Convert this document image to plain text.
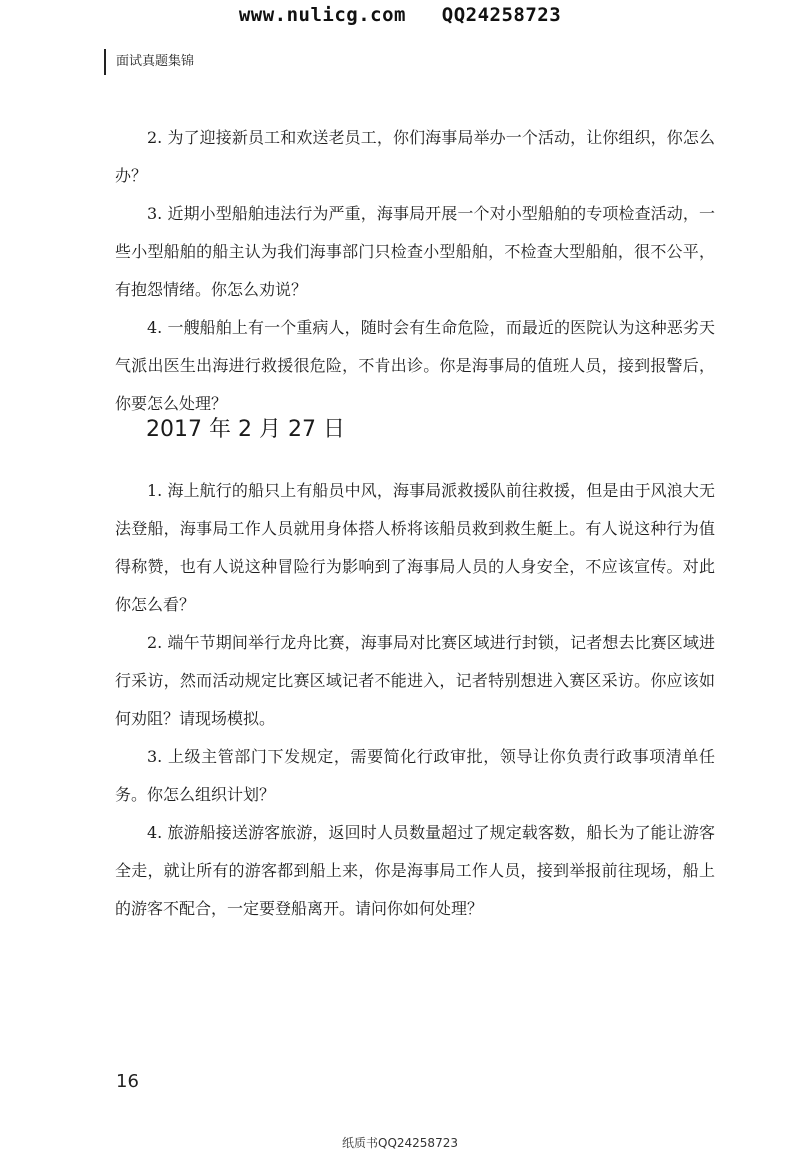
www.nulicg.com   QQ24258723
面试真题集锦

2. 为了迎接新员工和欢送老员工，你们海事局举办一个活动，让你组织，你怎么办？

3. 近期小型船舶违法行为严重，海事局开展一个对小型船舶的专项检查活动，一些小型船舶的船主认为我们海事部门只检查小型船舶，不检查大型船舶，很不公平，有抱怨情绪。你怎么劝说？

4. 一艘船舶上有一个重病人，随时会有生命危险，而最近的医院认为这种恶劣天气派出医生出海进行救援很危险，不肯出诊。你是海事局的值班人员，接到报警后，你要怎么处理？

2017 年 2 月 27 日

1. 海上航行的船只上有船员中风，海事局派救援队前往救援，但是由于风浪大无法登船，海事局工作人员就用身体搭人桥将该船员救到救生艇上。有人说这种行为值得称赞，也有人说这种冒险行为影响到了海事局人员的人身安全，不应该宣传。对此你怎么看？

2. 端午节期间举行龙舟比赛，海事局对比赛区域进行封锁，记者想去比赛区域进行采访，然而活动规定比赛区域记者不能进入，记者特别想进入赛区采访。你应该如何劝阻？请现场模拟。

3. 上级主管部门下发规定，需要简化行政审批，领导让你负责行政事项清单任务。你怎么组织计划？

4. 旅游船接送游客旅游，返回时人员数量超过了规定载客数，船长为了能让游客全走，就让所有的游客都到船上来，你是海事局工作人员，接到举报前往现场，船上的游客不配合，一定要登船离开。请问你如何处理？

16
纸质书QQ24258723
